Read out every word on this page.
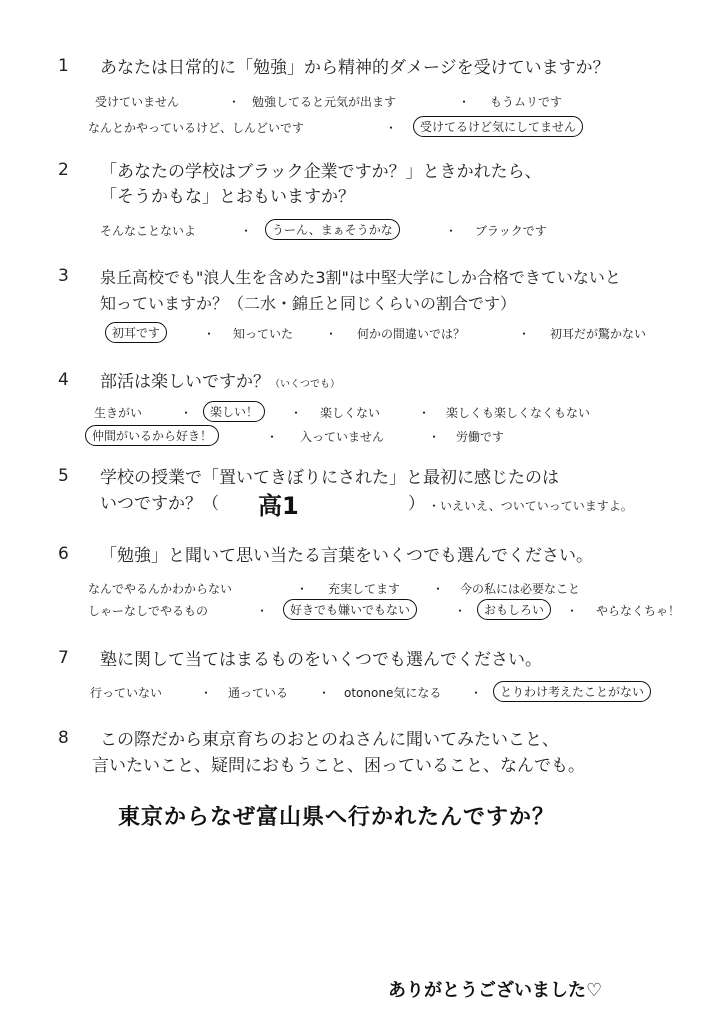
1 あなたは日常的に「勉強」から精神的ダメージを受けていますか？
受けていません	・ 勉強してると元気が出ます	・ もうムリです
なんとかやっているけど、しんどいです	・	受けてるけど気にしてません
2 「あなたの学校はブラック企業ですか？」ときかれたら、
「そうかもな」とおもいますか？
そんなことないよ	・	うーん、まぁそうかな	・ ブラックです
3 泉丘高校でも"浪人生を含めた3割"は中堅大学にしか合格できていないと
知っていますか？（二水・錦丘と同じくらいの割合です）
初耳です	・ 知っていた	・ 何かの間違いでは？	・ 初耳だが驚かない
4 部活は楽しいですか？（いくつでも）
生きがい	・	楽しい！	・ 楽しくない	・ 楽しくも楽しくなくもない
仲間がいるから好き！	・ 入っていません	・ 労働です
5 学校の授業で「置いてきぼりにされた」と最初に感じたのは
いつですか？（ 高1	） ・いえいえ、ついていっていますよ。
6 「勉強」と聞いて思い当たる言葉をいくつでも選んでください。
なんでやるんかわからない	・ 充実してます	・ 今の私には必要なこと
しゃーなしでやるもの	・	好きでも嫌いでもない	・	おもしろい	・ やらなくちゃ！
7 塾に関して当てはまるものをいくつでも選んでください。
行っていない	・ 通っている ・ otonone気になる ・	とりわけ考えたことがない
8 この際だから東京育ちのおとのねさんに聞いてみたいこと、
言いたいこと、疑問におもうこと、困っていること、なんでも。
東京からなぜ富山県へ行かれたんですか？
ありがとうございました♡
